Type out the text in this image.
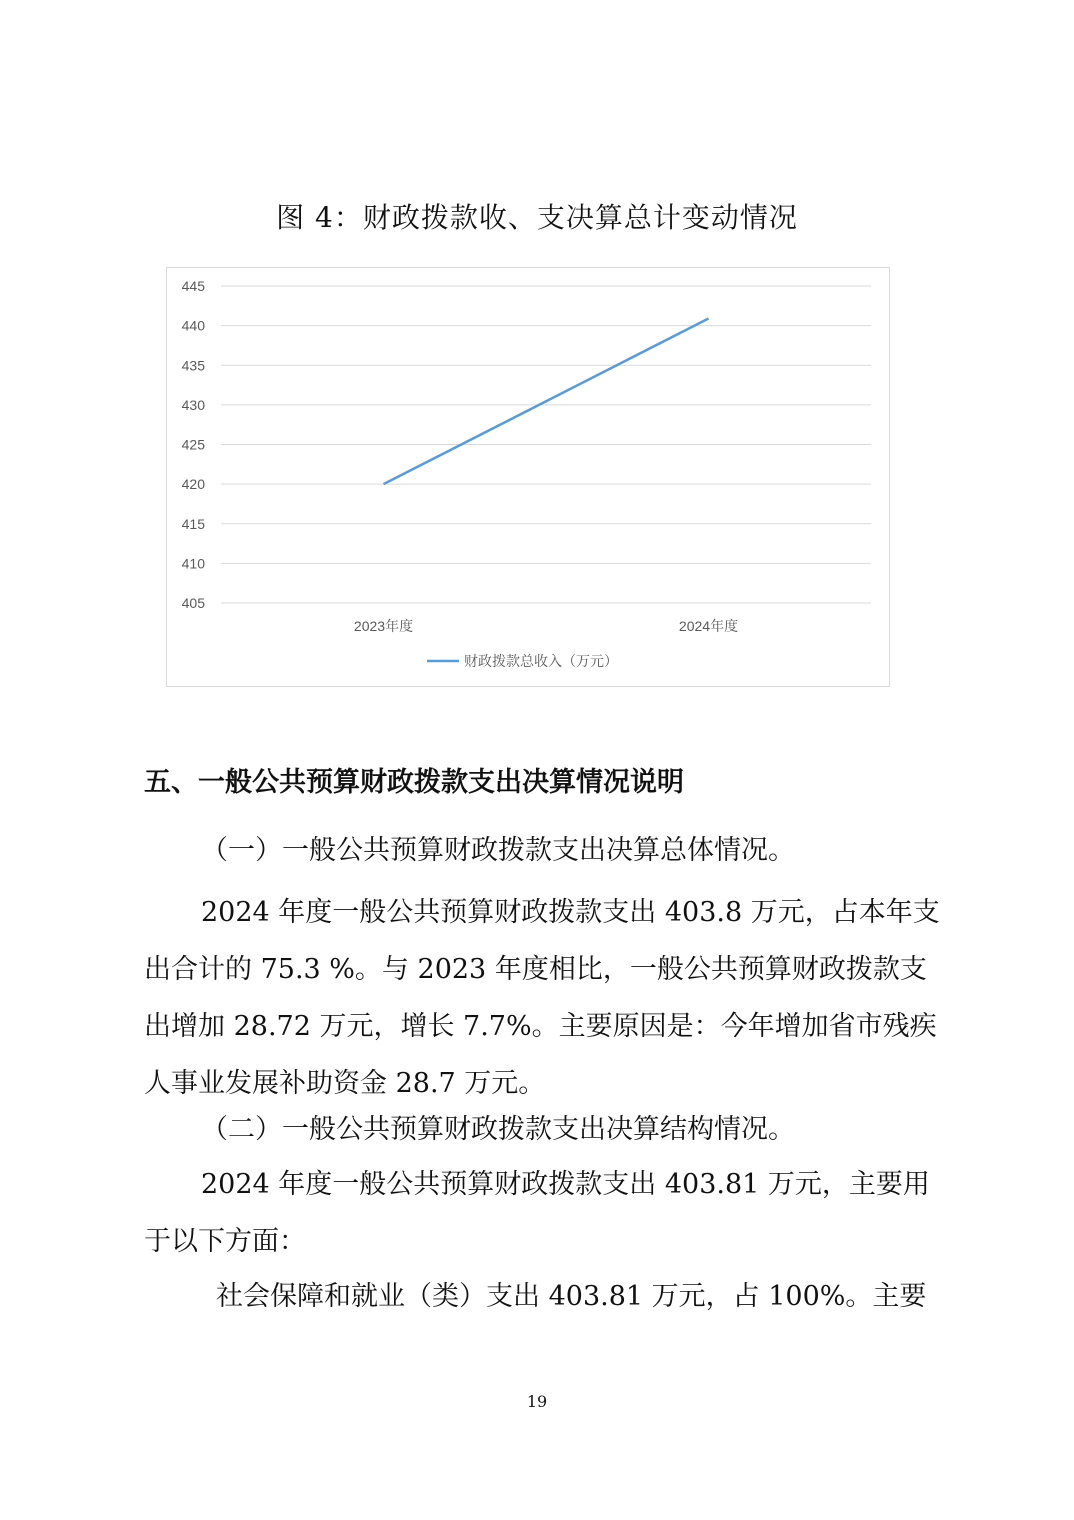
图 4：财政拨款收、支决算总计变动情况
405
410
415
420
425
430
435
440
445
2023年度	2024年度
财政拨款总收入（万元）
五、一般公共预算财政拨款支出决算情况说明
（一）一般公共预算财政拨款支出决算总体情况。
2024 年度一般公共预算财政拨款支出 403.8 万元，占本年支出合计的 75.3 %。与 2023 年度相比，一般公共预算财政拨款支出增加 28.72 万元，增长 7.7%。主要原因是：今年增加省市残疾人事业发展补助资金 28.7 万元。
（二）一般公共预算财政拨款支出决算结构情况。
2024 年度一般公共预算财政拨款支出 403.81 万元，主要用于以下方面：
社会保障和就业（类）支出 403.81 万元，占 100%。主要
19
